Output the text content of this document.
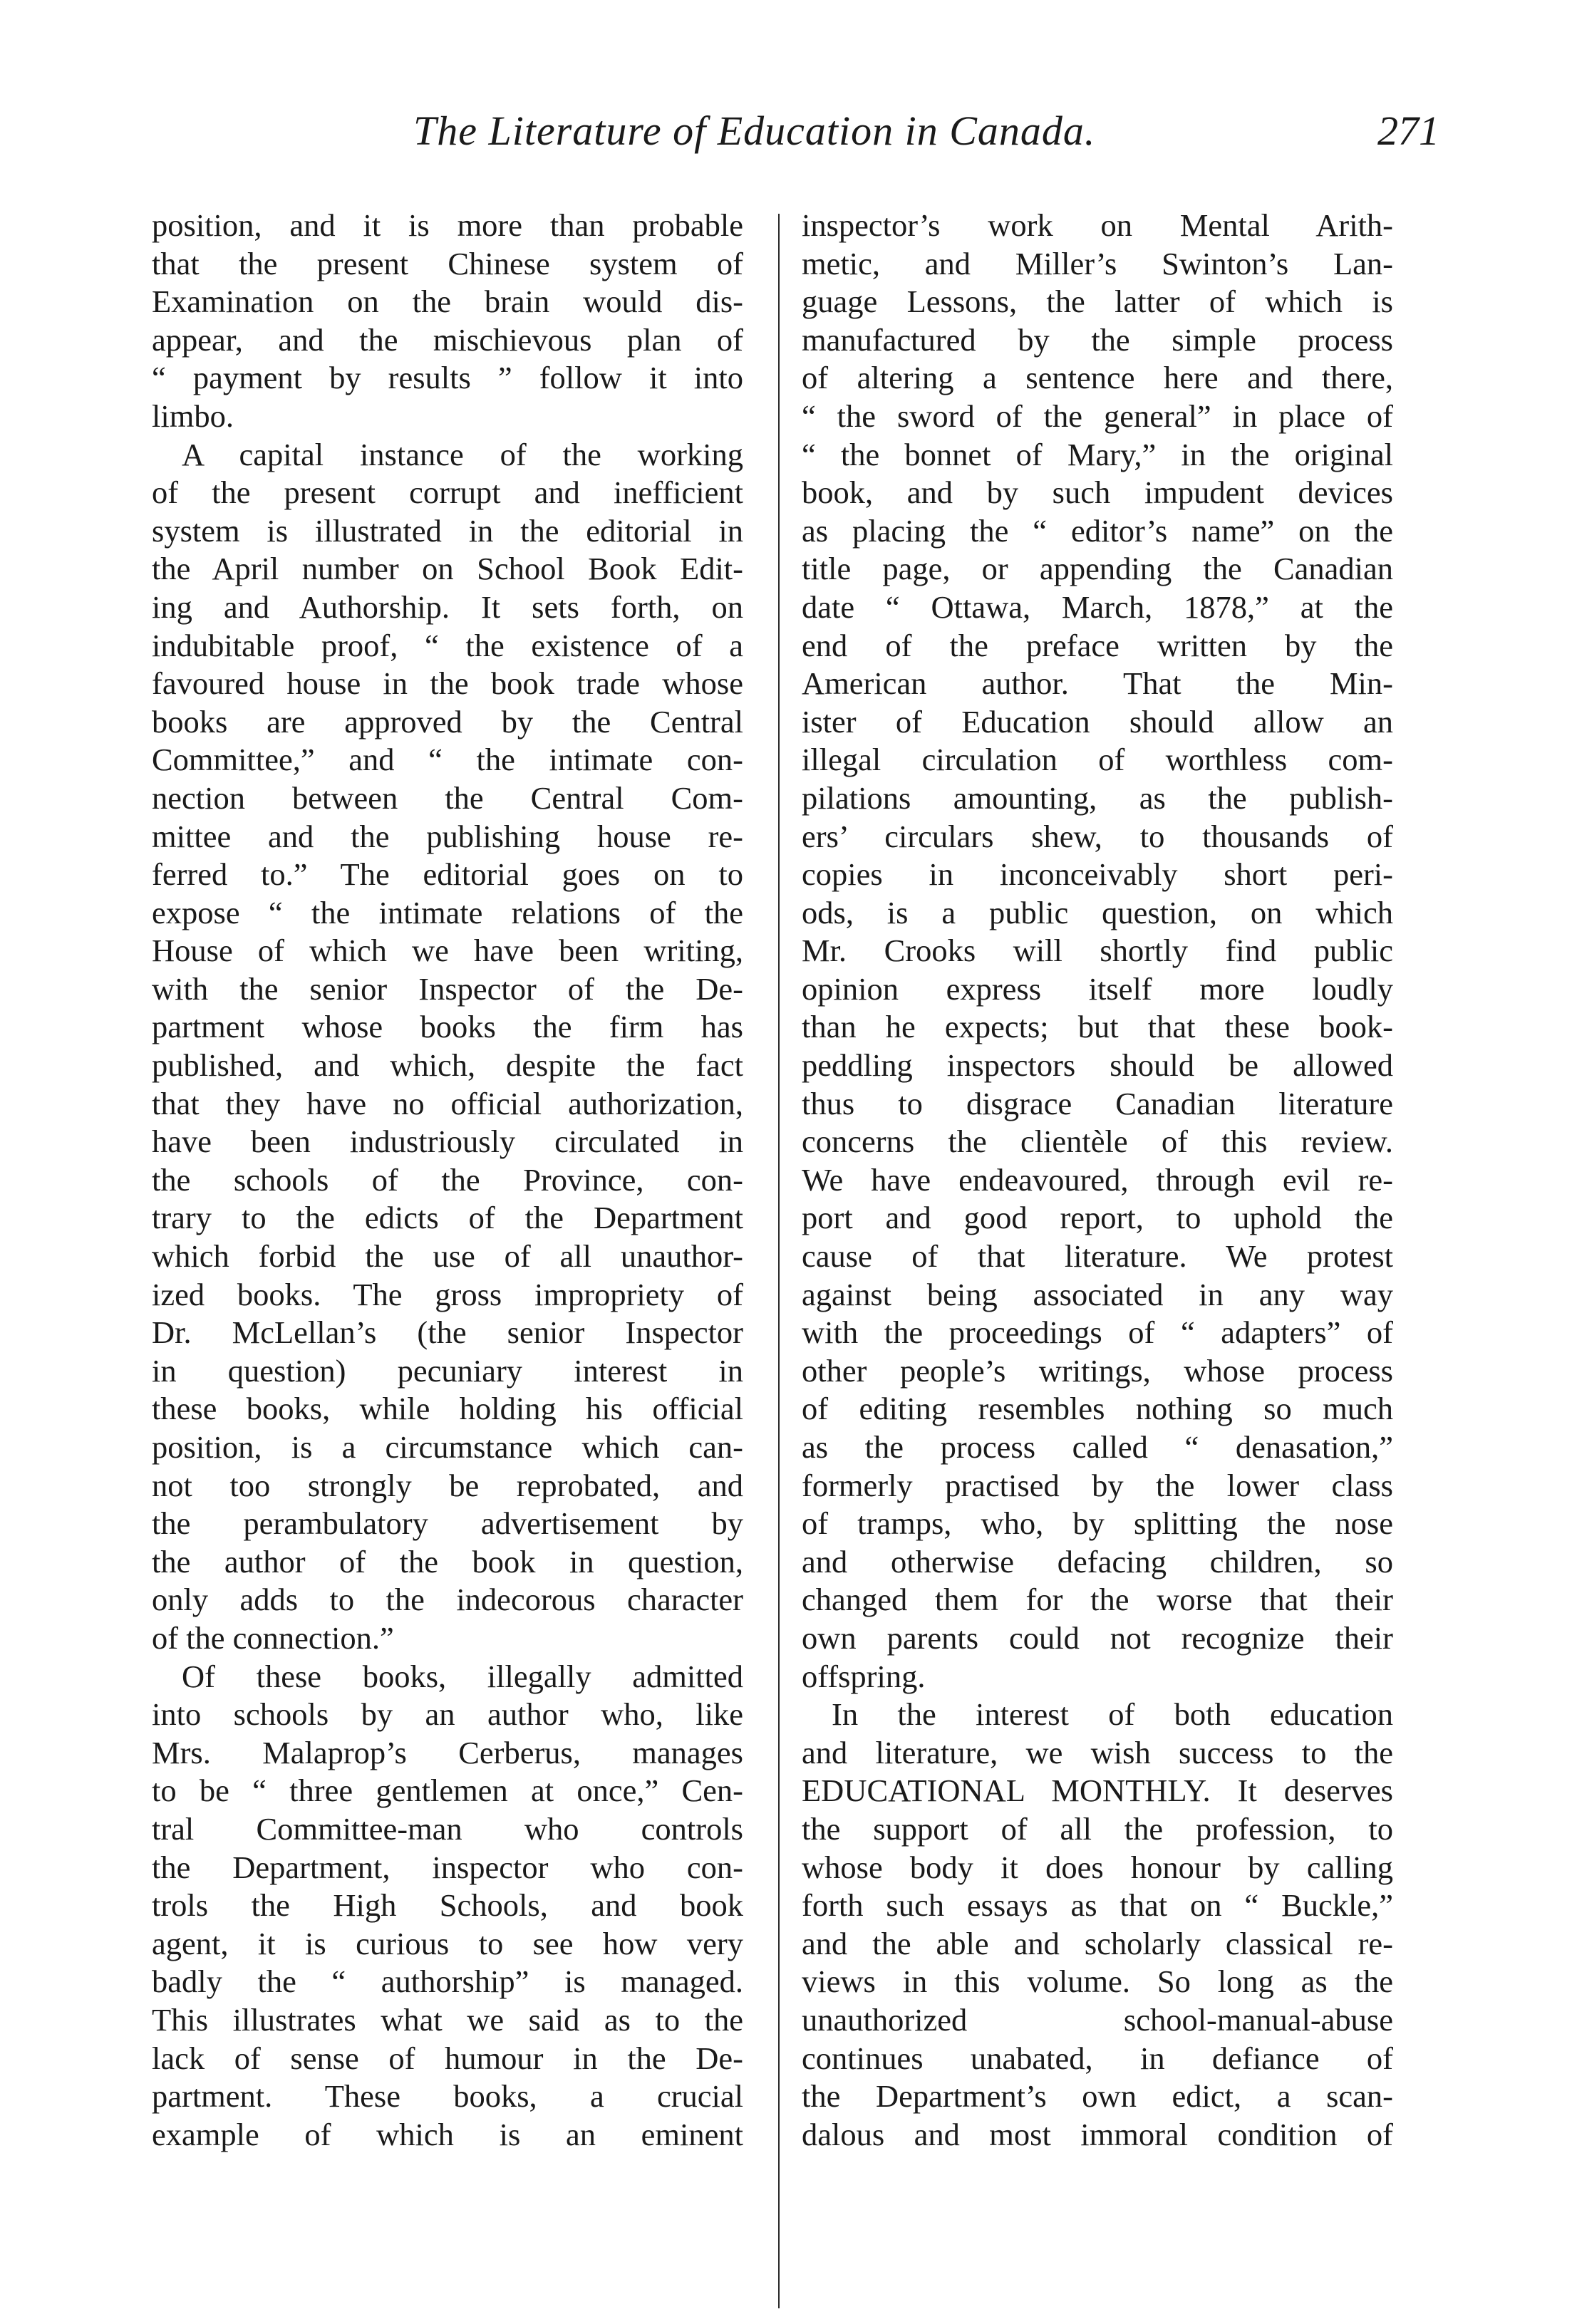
The Literature of Education in Canada.	271
position, and it is more than probable
that the present Chinese system of
Examination on the brain would dis-
appear, and the mischievous plan of
“ payment by results ” follow it into
limbo.
A capital instance of the working
of the present corrupt and inefficient
system is illustrated in the editorial in
the April number on School Book Edit-
ing and Authorship. It sets forth, on
indubitable proof, “ the existence of a
favoured house in the book trade whose
books are approved by the Central
Committee,” and “ the intimate con-
nection between the Central Com-
mittee and the publishing house re-
ferred to.” The editorial goes on to
expose “ the intimate relations of the
House of which we have been writing,
with the senior Inspector of the De-
partment whose books the firm has
published, and which, despite the fact
that they have no official authorization,
have been industriously circulated in
the schools of the Province, con-
trary to the edicts of the Department
which forbid the use of all unauthor-
ized books. The gross impropriety of
Dr. McLellan’s (the senior Inspector
in question) pecuniary interest in
these books, while holding his official
position, is a circumstance which can-
not too strongly be reprobated, and
the perambulatory advertisement by
the author of the book in question,
only adds to the indecorous character
of the connection.”
Of these books, illegally admitted
into schools by an author who, like
Mrs. Malaprop’s Cerberus, manages
to be “ three gentlemen at once,” Cen-
tral Committee-man who controls
the Department, inspector who con-
trols the High Schools, and book
agent, it is curious to see how very
badly the “ authorship” is managed.
This illustrates what we said as to the
lack of sense of humour in the De-
partment. These books, a crucial
example of which is an eminent
inspector’s work on Mental Arith-
metic, and Miller’s Swinton’s Lan-
guage Lessons, the latter of which is
manufactured by the simple process
of altering a sentence here and there,
“ the sword of the general” in place of
“ the bonnet of Mary,” in the original
book, and by such impudent devices
as placing the “ editor’s name” on the
title page, or appending the Canadian
date “ Ottawa, March, 1878,” at the
end of the preface written by the
American author. That the Min-
ister of Education should allow an
illegal circulation of worthless com-
pilations amounting, as the publish-
ers’ circulars shew, to thousands of
copies in inconceivably short peri-
ods, is a public question, on which
Mr. Crooks will shortly find public
opinion express itself more loudly
than he expects; but that these book-
peddling inspectors should be allowed
thus to disgrace Canadian literature
concerns the clientèle of this review.
We have endeavoured, through evil re-
port and good report, to uphold the
cause of that literature. We protest
against being associated in any way
with the proceedings of “ adapters” of
other people’s writings, whose process
of editing resembles nothing so much
as the process called “ denasation,”
formerly practised by the lower class
of tramps, who, by splitting the nose
and otherwise defacing children, so
changed them for the worse that their
own parents could not recognize their
offspring.
In the interest of both education
and literature, we wish success to the
EDUCATIONAL MONTHLY. It deserves
the support of all the profession, to
whose body it does honour by calling
forth such essays as that on “ Buckle,”
and the able and scholarly classical re-
views in this volume. So long as the
unauthorized school-manual-abuse
continues unabated, in defiance of
the Department’s own edict, a scan-
dalous and most immoral condition of
